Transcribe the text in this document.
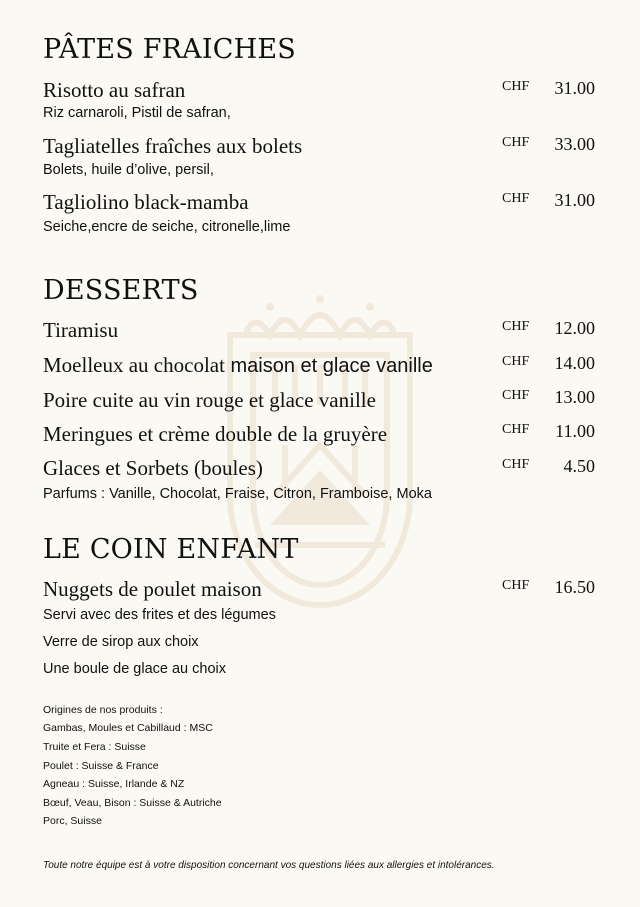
PÂTES FRAICHES
Risotto au safran	CHF	31.00
Riz carnaroli, Pistil de safran,
Tagliatelles fraîches aux bolets	CHF	33.00
Bolets, huile d’olive, persil,
Tagliolino black-mamba	CHF	31.00
Seiche,encre de seiche, citronelle,lime
DESSERTS
Tiramisu	CHF	12.00
Moelleux au chocolat maison et glace vanille	CHF	14.00
Poire cuite au vin rouge et glace vanille	CHF	13.00
Meringues et crème double de la gruyère	CHF	11.00
Glaces et Sorbets (boules)	CHF	4.50
Parfums : Vanille, Chocolat, Fraise, Citron, Framboise, Moka
LE COIN ENFANT
Nuggets de poulet maison	CHF	16.50
Servi avec des frites et des légumes
Verre de sirop aux choix
Une boule de glace au choix
Origines de nos produits :
Gambas, Moules et Cabillaud : MSC
Truite et Fera : Suisse
Poulet : Suisse & France
Agneau : Suisse, Irlande & NZ
Bœuf, Veau, Bison : Suisse & Autriche
Porc, Suisse
Toute notre équipe est à votre disposition concernant vos questions liées aux allergies et intolérances.
